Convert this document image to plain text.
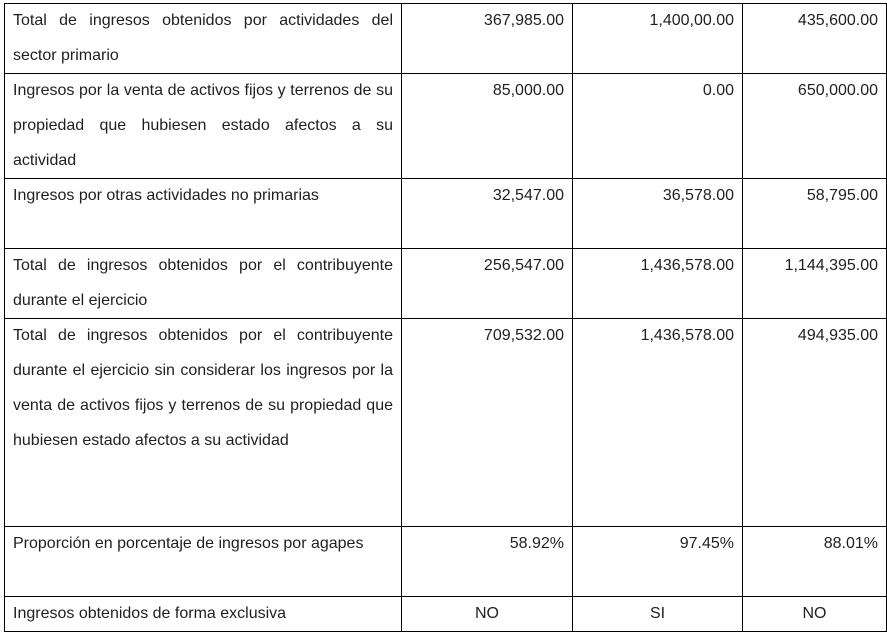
Total de ingresos obtenidos por actividades del sector primario	367,985.00	1,400,00.00	435,600.00

Ingresos por la venta de activos fijos y terrenos de su propiedad que hubiesen estado afectos a su actividad	85,000.00	0.00	650,000.00

Ingresos por otras actividades no primarias	32,547.00	36,578.00	58,795.00

Total de ingresos obtenidos por el contribuyente durante el ejercicio	256,547.00	1,436,578.00	1,144,395.00

Total de ingresos obtenidos por el contribuyente durante el ejercicio sin considerar los ingresos por la venta de activos fijos y terrenos de su propiedad que hubiesen estado afectos a su actividad	709,532.00	1,436,578.00	494,935.00

Proporción en porcentaje de ingresos por agapes	58.92%	97.45%	88.01%

Ingresos obtenidos de forma exclusiva	NO	SI	NO
